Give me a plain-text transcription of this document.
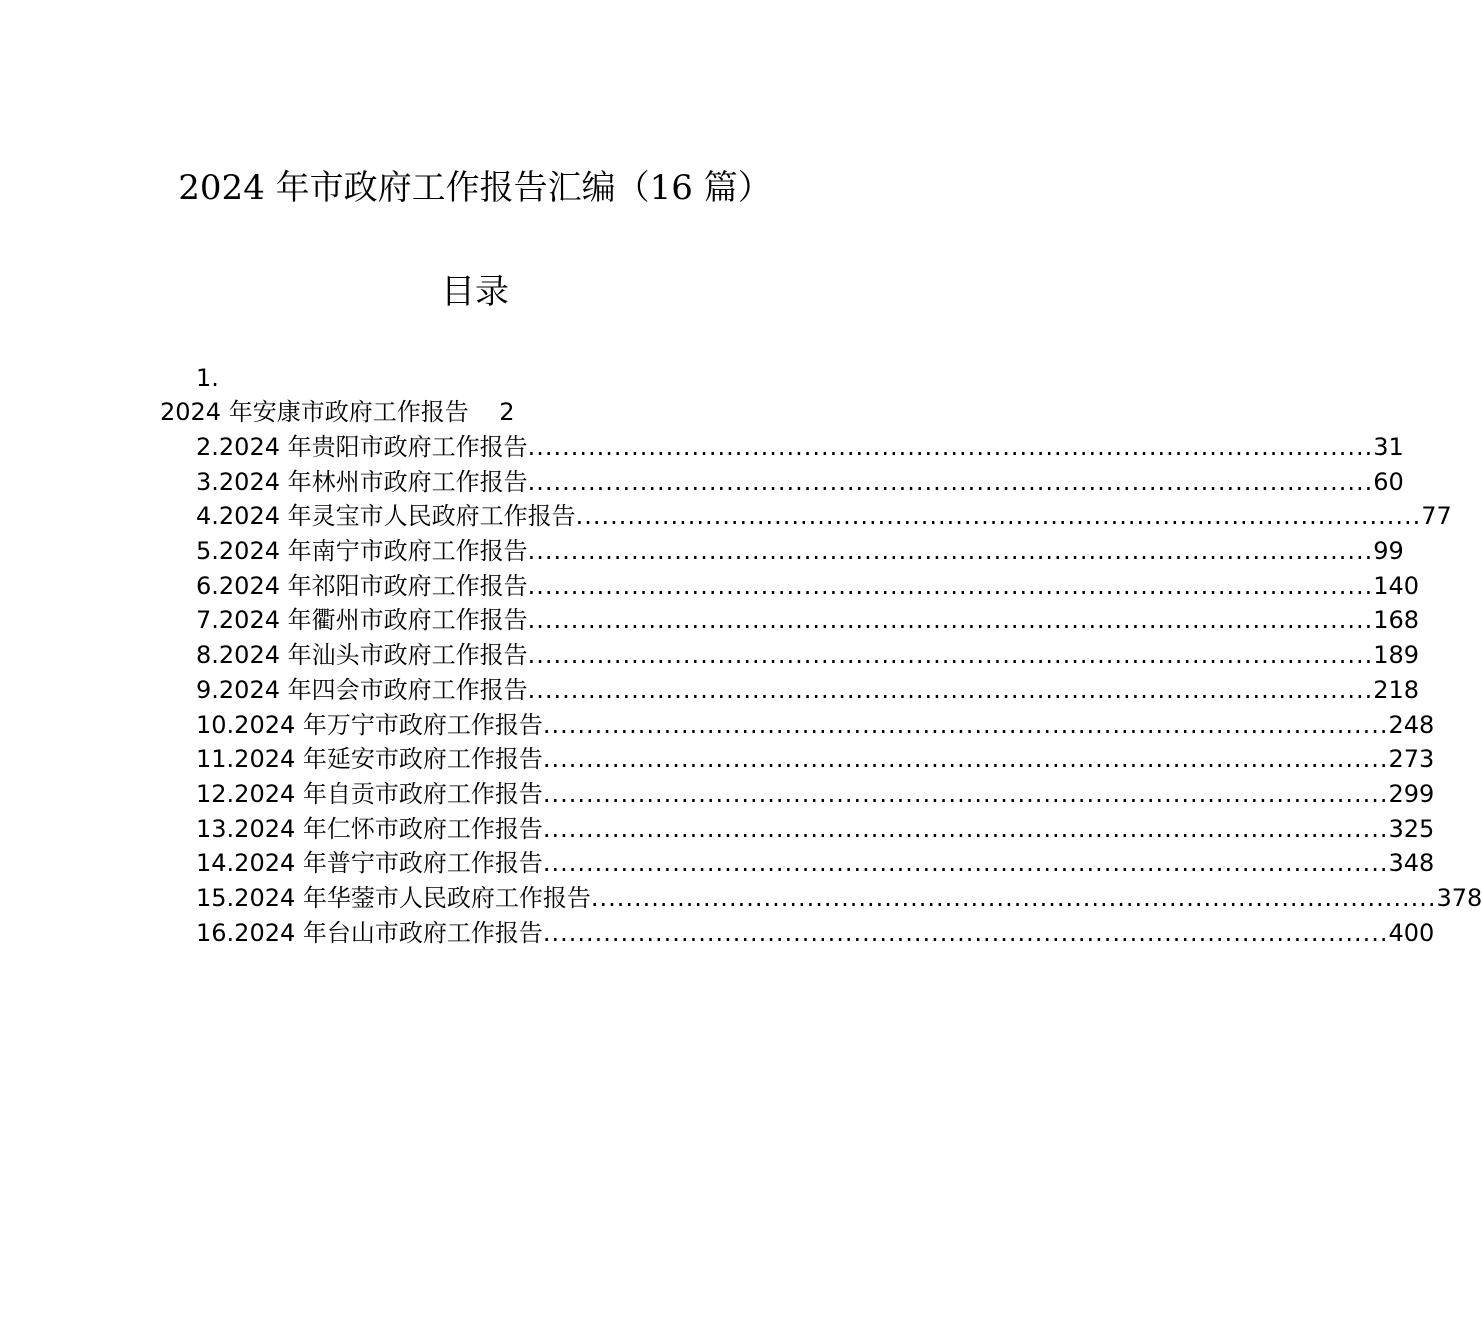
2024 年市政府工作报告汇编（16 篇）
目录
1.
2024 年安康市政府工作报告 2
2.2024 年贵阳市政府工作报告 .................................................................................................. 31
3.2024 年林州市政府工作报告 .................................................................................................. 60
4.2024 年灵宝市人民政府工作报告 .................................................................................................. 77
5.2024 年南宁市政府工作报告 .................................................................................................. 99
6.2024 年祁阳市政府工作报告 .................................................................................................. 140
7.2024 年衢州市政府工作报告 .................................................................................................. 168
8.2024 年汕头市政府工作报告 .................................................................................................. 189
9.2024 年四会市政府工作报告 .................................................................................................. 218
10.2024 年万宁市政府工作报告 .................................................................................................. 248
11.2024 年延安市政府工作报告 .................................................................................................. 273
12.2024 年自贡市政府工作报告 .................................................................................................. 299
13.2024 年仁怀市政府工作报告 .................................................................................................. 325
14.2024 年普宁市政府工作报告 .................................................................................................. 348
15.2024 年华蓥市人民政府工作报告 .................................................................................................. 378
16.2024 年台山市政府工作报告 .................................................................................................. 400
